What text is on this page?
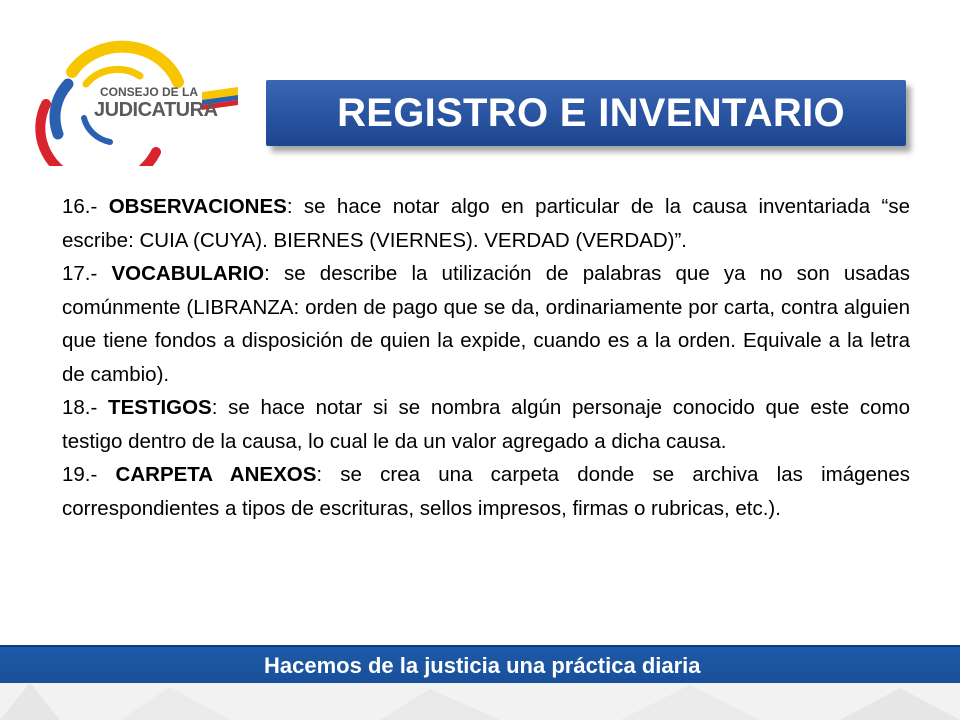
CONSEJO DE LA
JUDICATURA	REGISTRO E INVENTARIO

16.- OBSERVACIONES: se hace notar algo en particular de la causa inventariada “se escribe: CUIA (CUYA). BIERNES (VIERNES). VERDAD (VERDAD)”.

17.- VOCABULARIO: se describe la utilización de palabras que ya no son usadas comúnmente (LIBRANZA: orden de pago que se da, ordinariamente por carta, contra alguien que tiene fondos a disposición de quien la expide, cuando es a la orden. Equivale a la letra de cambio).

18.- TESTIGOS: se hace notar si se nombra algún personaje conocido que este como testigo dentro de la causa, lo cual le da un valor agregado a dicha causa.

19.- CARPETA ANEXOS: se crea una carpeta donde se archiva las imágenes correspondientes a tipos de escrituras, sellos impresos, firmas o rubricas, etc.).

Hacemos de la justicia una práctica diaria
